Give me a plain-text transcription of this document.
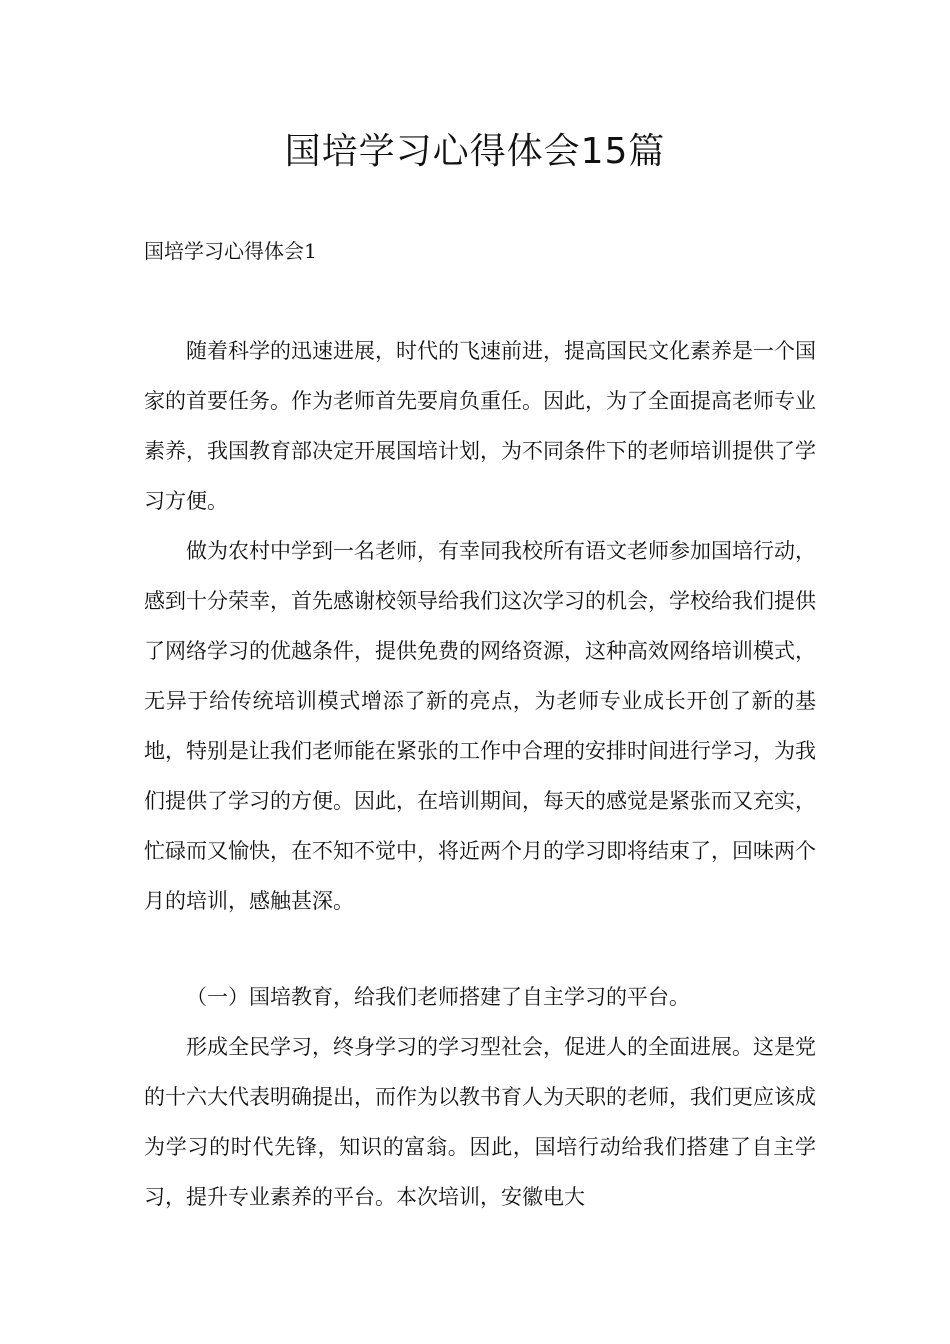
国培学习心得体会15篇
国培学习心得体会1

随着科学的迅速进展，时代的飞速前进，提高国民文化素养是一个国家的首要任务。作为老师首先要肩负重任。因此，为了全面提高老师专业素养，我国教育部决定开展国培计划，为不同条件下的老师培训提供了学习方便。

做为农村中学到一名老师，有幸同我校所有语文老师参加国培行动，感到十分荣幸，首先感谢校领导给我们这次学习的机会，学校给我们提供了网络学习的优越条件，提供免费的网络资源，这种高效网络培训模式，无异于给传统培训模式增添了新的亮点，为老师专业成长开创了新的基地，特别是让我们老师能在紧张的工作中合理的安排时间进行学习，为我们提供了学习的方便。因此，在培训期间，每天的感觉是紧张而又充实，忙碌而又愉快，在不知不觉中，将近两个月的学习即将结束了，回味两个月的培训，感触甚深。

（一）国培教育，给我们老师搭建了自主学习的平台。

形成全民学习，终身学习的学习型社会，促进人的全面进展。这是党的十六大代表明确提出，而作为以教书育人为天职的老师，我们更应该成为学习的时代先锋，知识的富翁。因此，国培行动给我们搭建了自主学习，提升专业素养的平台。本次培训，安徽电大
